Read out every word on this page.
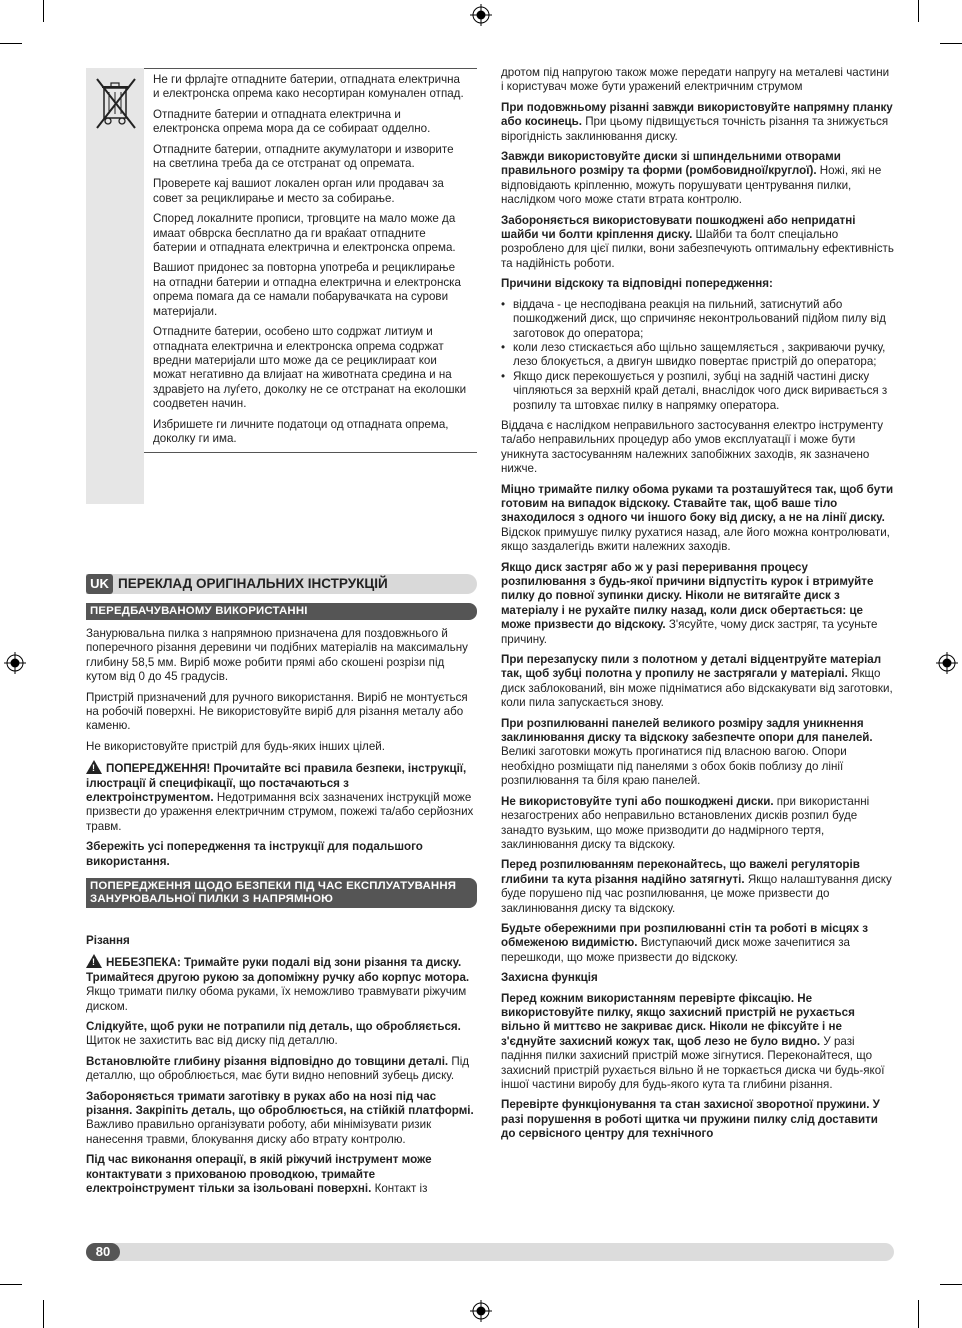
Не ги фрлајте отпадните батерии, отпадната електрична и електронска опрема како несортиран комунален отпад.

Отпадните батерии и отпадната електрична и електронска опрема мора да се собираат одделно.

Отпадните батерии, отпадните акумулатори и изворите на светлина треба да се отстранат од опремата.

Проверете кај вашиот локален орган или продавач за совет за рециклирање и место за собирање.

Според локалните прописи, трговците на мало може да имаат обврска бесплатно да ги враќаат отпадните батерии и отпадната електрична и електронска опрема.

Вашиот придонес за повторна употреба и рециклирање на отпадни батерии и отпадна електрична и електронска опрема помага да се намали побарувачката на сурови материјали.

Отпадните батерии, особено што содржат литиум и отпадната електрична и електронска опрема содржат вредни материјали што може да се рециклираат кои можат негативно да влијаат на животната средина и на здравјето на луѓето, доколку не се отстранат на еколошки соодветен начин.

Избришете ги личните податоци од отпадната опрема, доколку ги има.

UK ПЕРЕКЛАД ОРИГІНАЛЬНИХ ІНСТРУКЦІЙ
ПЕРЕДБАЧУВАНОМУ ВИКОРИСТАННІ

Занурювальна пилка з напрямною призначена для поздовжнього й поперечного різання деревини чи подібних матеріалів на максимальну глибину 58,5 мм. Виріб може робити прямі або скошені розрізи під кутом від 0 до 45 градусів.

Пристрій призначений для ручного використання. Виріб не монтується на робочій поверхні. Не використовуйте виріб для різання металу або каменю.

Не використовуйте пристрій для будь-яких інших цілей.

!ПОПЕРЕДЖЕННЯ! Прочитайте всі правила безпеки, інструкції, ілюстрації й специфікації, що постачаються з електроінструментом. Недотримання всіх зазначених інструкцій може призвести до ураження електричним струмом, пожежі та/або серйозних травм.

Збережіть усі попередження та інструкції для подальшого використання.

ПОПЕРЕДЖЕННЯ ЩОДО БЕЗПЕКИ ПІД ЧАС ЕКСПЛУАТУВАННЯ ЗАНУРЮВАЛЬНОЇ ПИЛКИ З НАПРЯМНОЮ

Різання

!НЕБЕЗПЕКА: Тримайте руки подалі від зони різання та диску. Тримайтеся другою рукою за допоміжну ручку або корпус мотора. Якщо тримати пилку обома руками, їх неможливо травмувати ріжучим диском.

Слідкуйте, щоб руки не потрапили під деталь, що обробляється. Щиток не захистить вас від диску під деталлю.

Встановлюйте глибину різання відповідно до товщини деталі. Під деталлю, що оброблюється, має бути видно неповний зубець диску.

Забороняється тримати заготівку в руках або на нозі під час різання. Закріпіть деталь, що оброблюється, на стійкій платформі. Важливо правильно організувати роботу, аби мінімізувати ризик нанесення травми, блокування диску або втрату контролю.

Під час виконання операції, в якій ріжучий інструмент може контактувати з прихованою проводкою, тримайте електроінструмент тільки за ізольовані поверхні. Контакт із

дротом під напругою також може передати напругу на металеві частини і користувач може бути уражений електричним струмом

При подовжньому різанні завжди використовуйте напрямну планку або косинець. При цьому підвищується точність різання та знижується вірогідність заклинювання диску.

Завжди використовуйте диски зі шпиндельними отворами правильного розміру та форми (ромбовидної/круглої). Ножі, які не відповідають кріпленню, можуть порушувати центрування пилки, наслідком чого може стати втрата контролю.

Забороняється використовувати пошкоджені або непридатні шайби чи болти кріплення диску. Шайби та болт спеціально розроблено для цієї пилки, вони забезпечують оптимальну ефективність та надійність роботи.

Причини відскоку та відповідні попередження:

• віддача - це несподівана реакція на пильний, затиснутий або пошкоджений диск, що спричиняє неконтрольований підйом пилу від заготовок до оператора;
• коли лезо стискається або щільно защемляється , закриваючи ручку, лезо блокується, а двигун швидко повертає пристрій до оператора;
• Якщо диск перекошується у розпилі, зубці на задній частині диску чіпляються за верхній край деталі, внаслідок чого диск виривається з розпилу та штовхає пилку в напрямку оператора.

Віддача є наслідком неправильного застосування електро інструменту та/або неправильних процедур або умов експлуатації і може бути уникнута застосуванням належних запобіжних заходів, як зазначено нижче.

Міцно тримайте пилку обома руками та розташуйтеся так, щоб бути готовим на випадок відскоку. Ставайте так, щоб ваше тіло знаходилося з одного чи іншого боку від диску, а не на лінії диску. Відскок примушує пилку рухатися назад, але його можна контролювати, якщо заздалегідь вжити належних заходів.

Якщо диск застряг або ж у разі переривання процесу розпилювання з будь-якої причини відпустіть курок і втримуйте пилку до повної зупинки диску. Ніколи не витягайте диск з матеріалу і не рухайте пилку назад, коли диск обертається: це може призвести до відскоку. З'ясуйте, чому диск застряг, та усуньте причину.

При перезапуску пили з полотном у деталі відцентруйте матеріал так, щоб зубці полотна у пропилу не застрягали у матеріалі. Якщо диск заблокований, він може підніматися або відскакувати від заготовки, коли пила запускається знову.

При розпилюванні панелей великого розміру задля уникнення заклинювання диску та відскоку забезпечте опори для панелей. Великі заготовки можуть прогинатися під власною вагою. Опори необхідно розміщати під панелями з обох боків поблизу до лінії розпилювання та біля краю панелей.

Не використовуйте тупі або пошкоджені диски. при використанні незагострених або неправильно встановлених дисків розпил буде занадто вузьким, що може призводити до надмірного тертя, заклинювання диску та відскоку.

Перед розпилюванням переконайтесь, що важелі регуляторів глибини та кута різання надійно затягнуті. Якщо налаштування диску буде порушено під час розпилювання, це може призвести до заклинювання диску та відскоку.

Будьте обережними при розпилюванні стін та роботі в місцях з обмеженою видимістю. Виступаючий диск може зачепитися за перешкоди, що може призвести до відскоку.

Захисна функція

Перед кожним використанням перевірте фіксацію. Не використовуйте пилку, якщо захисний пристрій не рухається вільно й миттєво не закриває диск. Ніколи не фіксуйте і не з'єднуйте захисний кожух так, щоб лезо не було видно. У разі падіння пилки захисний пристрій може зігнутися. Переконайтеся, що захисний пристрій рухається вільно й не торкається диска чи будь-якої іншої частини виробу для будь-якого кута та глибини різання.

Перевірте функціонування та стан захисної зворотної пружини. У разі порушення в роботі щитка чи пружини пилку слід доставити до сервісного центру для технічного

80
